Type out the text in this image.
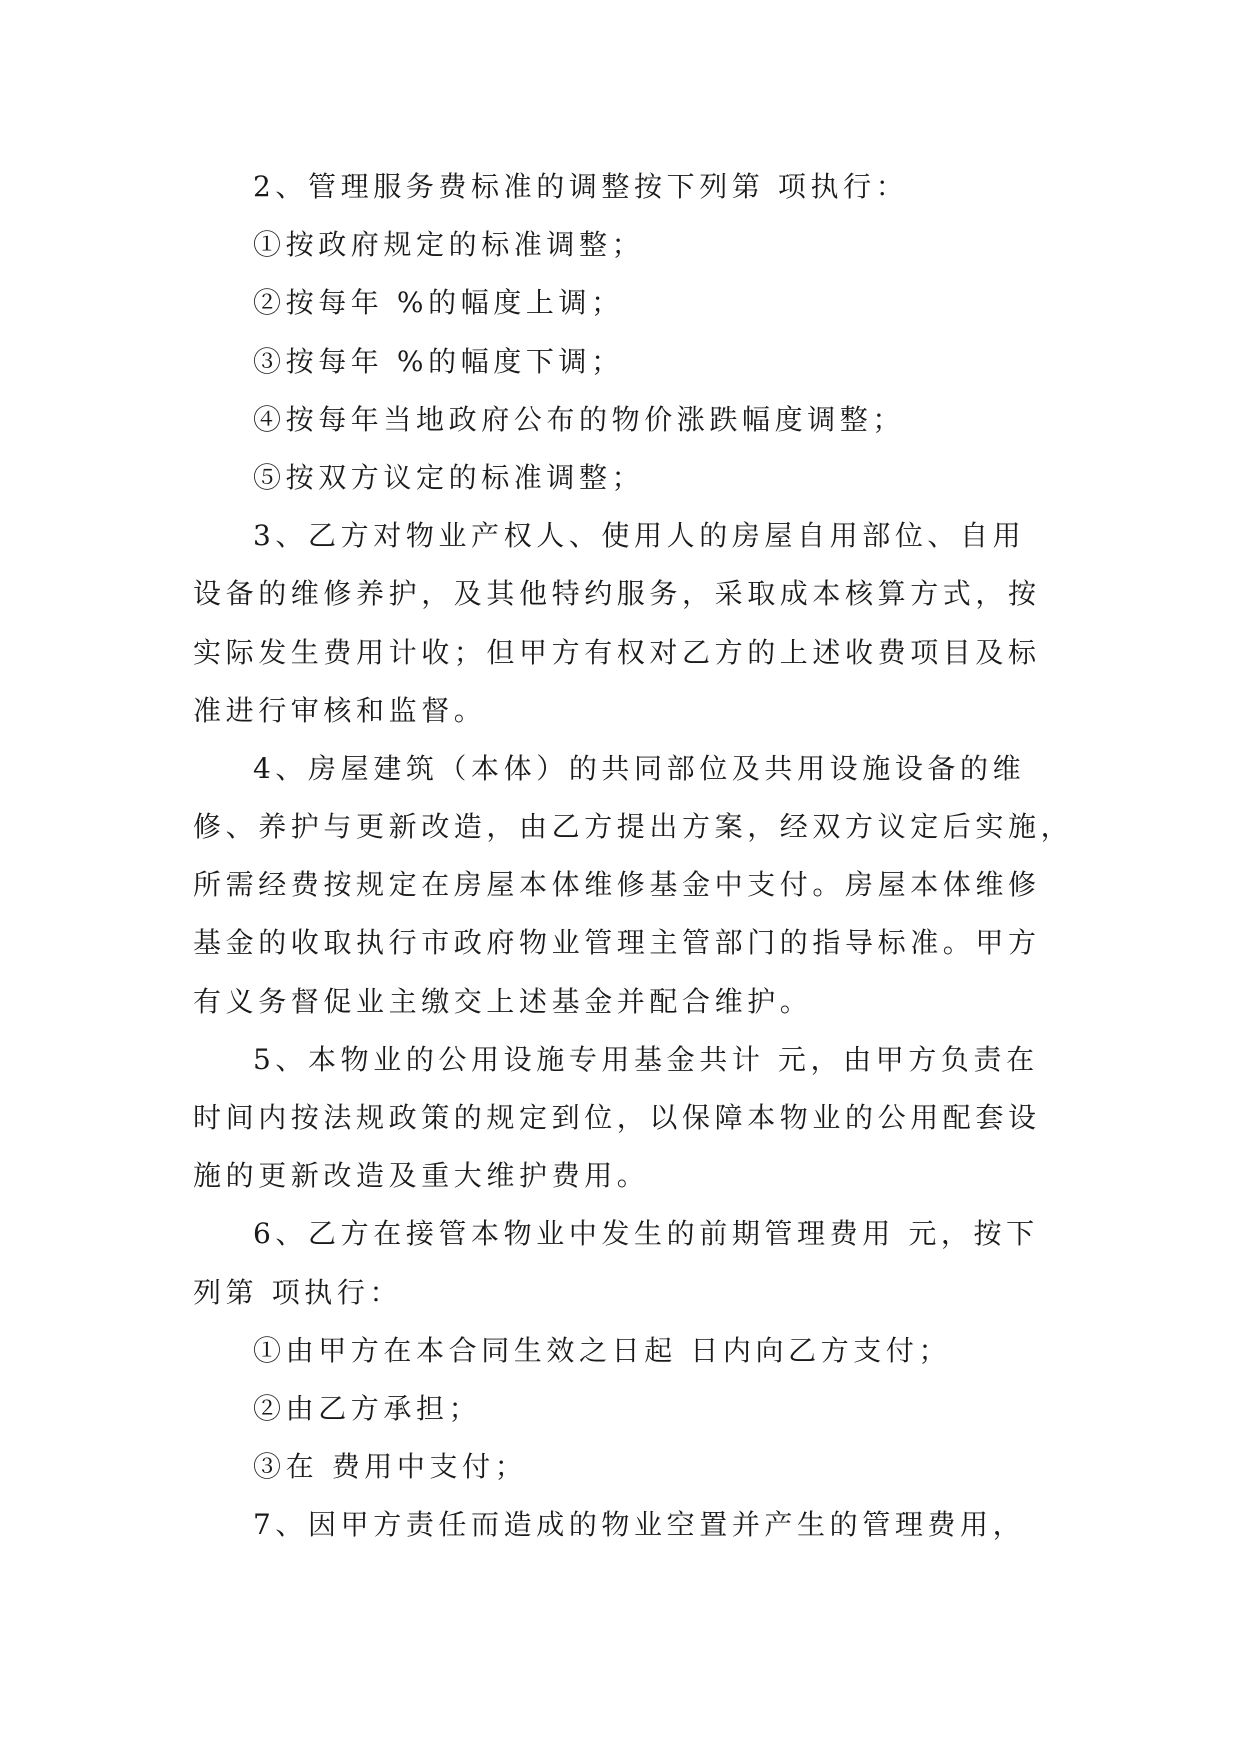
2、管理服务费标准的调整按下列第 项执行：
①按政府规定的标准调整；
②按每年 %的幅度上调；
③按每年 %的幅度下调；
④按每年当地政府公布的物价涨跌幅度调整；
⑤按双方议定的标准调整；
3、乙方对物业产权人、使用人的房屋自用部位、自用
设备的维修养护，及其他特约服务，采取成本核算方式，按
实际发生费用计收；但甲方有权对乙方的上述收费项目及标
准进行审核和监督。
4、房屋建筑（本体）的共同部位及共用设施设备的维
修、养护与更新改造，由乙方提出方案，经双方议定后实施，
所需经费按规定在房屋本体维修基金中支付。房屋本体维修
基金的收取执行市政府物业管理主管部门的指导标准。甲方
有义务督促业主缴交上述基金并配合维护。
5、本物业的公用设施专用基金共计 元，由甲方负责在
时间内按法规政策的规定到位，以保障本物业的公用配套设
施的更新改造及重大维护费用。
6、乙方在接管本物业中发生的前期管理费用 元，按下
列第 项执行：
①由甲方在本合同生效之日起 日内向乙方支付；
②由乙方承担；
③在 费用中支付；
7、因甲方责任而造成的物业空置并产生的管理费用，
